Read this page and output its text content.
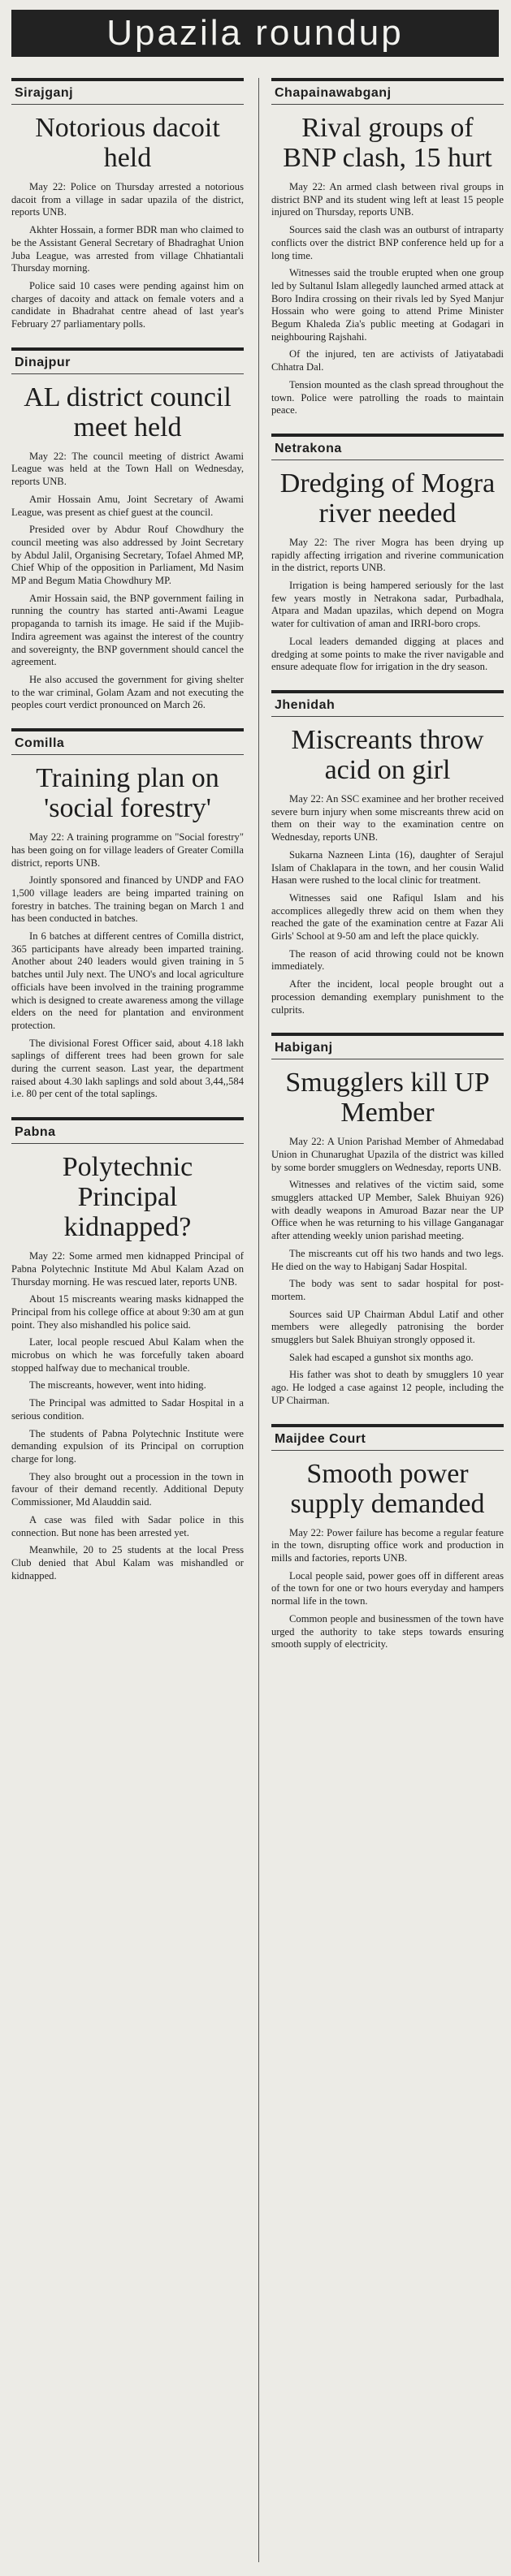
Upazila roundup
Sirajganj
Notorious dacoit held

May 22: Police on Thursday arrested a notorious dacoit from a village in sadar upazila of the district, reports UNB.

Akhter Hossain, a former BDR man who claimed to be the Assistant General Secretary of Bhadraghat Union Juba League, was arrested from village Chhatiantali Thursday morning.

Police said 10 cases were pending against him on charges of dacoity and attack on female voters and a candidate in Bhadrahat centre ahead of last year's February 27 parliamentary polls.

Dinajpur
AL district council meet held

May 22: The council meeting of district Awami League was held at the Town Hall on Wednesday, reports UNB.

Amir Hossain Amu, Joint Secretary of Awami League, was present as chief guest at the council.

Presided over by Abdur Rouf Chowdhury the council meeting was also addressed by Joint Secretary by Abdul Jalil, Organising Secretary, Tofael Ahmed MP, Chief Whip of the opposition in Parliament, Md Nasim MP and Begum Matia Chowdhury MP.

Amir Hossain said, the BNP government failing in running the country has started anti-Awami League propaganda to tarnish its image. He said if the Mujib-Indira agreement was against the interest of the country and sovereignty, the BNP government should cancel the agreement.

He also accused the government for giving shelter to the war criminal, Golam Azam and not executing the peoples court verdict pronounced on March 26.

Comilla
Training plan on 'social forestry'

May 22: A training programme on "Social forestry" has been going on for village leaders of Greater Comilla district, reports UNB.

Jointly sponsored and financed by UNDP and FAO 1,500 village leaders are being imparted training on forestry in batches. The training began on March 1 and has been conducted in batches.

In 6 batches at different centres of Comilla district, 365 participants have already been imparted training. Another about 240 leaders would given training in 5 batches until July next. The UNO's and local agriculture officials have been involved in the training programme which is designed to create awareness among the village elders on the need for plantation and environment protection.

The divisional Forest Officer said, about 4.18 lakh saplings of different trees had been grown for sale during the current season. Last year, the department raised about 4.30 lakh saplings and sold about 3,44,,584 i.e. 80 per cent of the total saplings.

Pabna
Polytechnic Principal kidnapped?

May 22: Some armed men kidnapped Principal of Pabna Polytechnic Institute Md Abul Kalam Azad on Thursday morning. He was rescued later, reports UNB.

About 15 miscreants wearing masks kidnapped the Principal from his college office at about 9:30 am at gun point. They also mishandled his police said.

Later, local people rescued Abul Kalam when the microbus on which he was forcefully taken aboard stopped halfway due to mechanical trouble.

The miscreants, however, went into hiding.

The Principal was admitted to Sadar Hospital in a serious condition.

The students of Pabna Polytechnic Institute were demanding expulsion of its Principal on corruption charge for long.

They also brought out a procession in the town in favour of their demand recently. Additional Deputy Commissioner, Md Alauddin said.

A case was filed with Sadar police in this connection. But none has been arrested yet.

Meanwhile, 20 to 25 students at the local Press Club denied that Abul Kalam was mishandled or kidnapped.

Chapainawabganj
Rival groups of BNP clash, 15 hurt

May 22: An armed clash between rival groups in district BNP and its student wing left at least 15 people injured on Thursday, reports UNB.

Sources said the clash was an outburst of intraparty conflicts over the district BNP conference held up for a long time.

Witnesses said the trouble erupted when one group led by Sultanul Islam allegedly launched armed attack at Boro Indira crossing on their rivals led by Syed Manjur Hossain who were going to attend Prime Minister Begum Khaleda Zia's public meeting at Godagari in neighbouring Rajshahi.

Of the injured, ten are activists of Jatiyatabadi Chhatra Dal.

Tension mounted as the clash spread throughout the town. Police were patrolling the roads to maintain peace.

Netrakona
Dredging of Mogra river needed

May 22: The river Mogra has been drying up rapidly affecting irrigation and riverine communication in the district, reports UNB.

Irrigation is being hampered seriously for the last few years mostly in Netrakona sadar, Purbadhala, Atpara and Madan upazilas, which depend on Mogra water for cultivation of aman and IRRI-boro crops.

Local leaders demanded digging at places and dredging at some points to make the river navigable and ensure adequate flow for irrigation in the dry season.

Jhenidah
Miscreants throw acid on girl

May 22: An SSC examinee and her brother received severe burn injury when some miscreants threw acid on them on their way to the examination centre on Wednesday, reports UNB.

Sukarna Nazneen Linta (16), daughter of Serajul Islam of Chaklapara in the town, and her cousin Walid Hasan were rushed to the local clinic for treatment.

Witnesses said one Rafiqul Islam and his accomplices allegedly threw acid on them when they reached the gate of the examination centre at Fazar Ali Girls' School at 9-50 am and left the place quickly.

The reason of acid throwing could not be known immediately.

After the incident, local people brought out a procession demanding exemplary punishment to the culprits.

Habiganj
Smugglers kill UP Member

May 22: A Union Parishad Member of Ahmedabad Union in Chunarughat Upazila of the district was killed by some border smugglers on Wednesday, reports UNB.

Witnesses and relatives of the victim said, some smugglers attacked UP Member, Salek Bhuiyan 926) with deadly weapons in Amuroad Bazar near the UP Office when he was returning to his village Ganganagar after attending weekly union parishad meeting.

The miscreants cut off his two hands and two legs. He died on the way to Habiganj Sadar Hospital.

The body was sent to sadar hospital for post-mortem.

Sources said UP Chairman Abdul Latif and other members were allegedly patronising the border smugglers but Salek Bhuiyan strongly opposed it.

Salek had escaped a gunshot six months ago.

His father was shot to death by smugglers 10 year ago. He lodged a case against 12 people, including the UP Chairman.

Maijdee Court
Smooth power supply demanded

May 22: Power failure has become a regular feature in the town, disrupting office work and production in mills and factories, reports UNB.

Local people said, power goes off in different areas of the town for one or two hours everyday and hampers normal life in the town.

Common people and businessmen of the town have urged the authority to take steps towards ensuring smooth supply of electricity.
